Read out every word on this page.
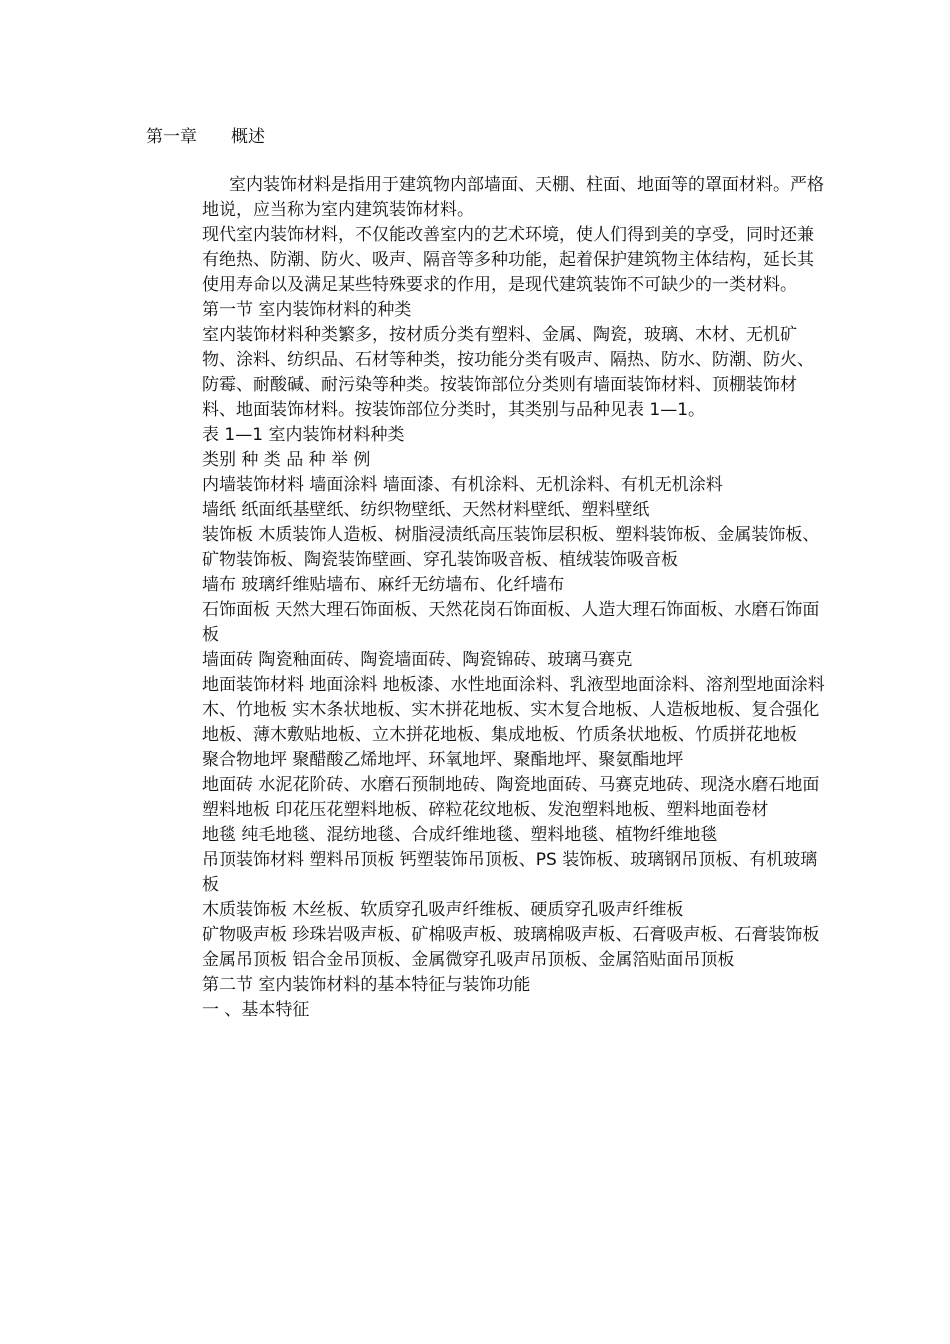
第一章　　概述

室内装饰材料是指用于建筑物内部墙面、天棚、柱面、地面等的罩面材料。严格地说，应当称为室内建筑装饰材料。

现代室内装饰材料，不仅能改善室内的艺术环境，使人们得到美的享受，同时还兼有绝热、防潮、防火、吸声、隔音等多种功能，起着保护建筑物主体结构，延长其使用寿命以及满足某些特殊要求的作用，是现代建筑装饰不可缺少的一类材料。

第一节 室内装饰材料的种类

室内装饰材料种类繁多，按材质分类有塑料、金属、陶瓷，玻璃、木材、无机矿物、涂料、纺织品、石材等种类，按功能分类有吸声、隔热、防水、防潮、防火、防霉、耐酸碱、耐污染等种类。按装饰部位分类则有墙面装饰材料、顶棚装饰材料、地面装饰材料。按装饰部位分类时，其类别与品种见表 1—1。

表 1—1 室内装饰材料种类

类别 种 类 品 种 举 例

内墙装饰材料 墙面涂料 墙面漆、有机涂料、无机涂料、有机无机涂料

墙纸 纸面纸基壁纸、纺织物壁纸、天然材料壁纸、塑料壁纸

装饰板 木质装饰人造板、树脂浸渍纸高压装饰层积板、塑料装饰板、金属装饰板、矿物装饰板、陶瓷装饰壁画、穿孔装饰吸音板、植绒装饰吸音板

墙布 玻璃纤维贴墙布、麻纤无纺墙布、化纤墙布

石饰面板 天然大理石饰面板、天然花岗石饰面板、人造大理石饰面板、水磨石饰面板

墙面砖 陶瓷釉面砖、陶瓷墙面砖、陶瓷锦砖、玻璃马赛克

地面装饰材料 地面涂料 地板漆、水性地面涂料、乳液型地面涂料、溶剂型地面涂料

木、竹地板 实木条状地板、实木拼花地板、实木复合地板、人造板地板、复合强化地板、薄木敷贴地板、立木拼花地板、集成地板、竹质条状地板、竹质拼花地板

聚合物地坪 聚醋酸乙烯地坪、环氧地坪、聚酯地坪、聚氨酯地坪

地面砖 水泥花阶砖、水磨石预制地砖、陶瓷地面砖、马赛克地砖、现浇水磨石地面

塑料地板 印花压花塑料地板、碎粒花纹地板、发泡塑料地板、塑料地面卷材

地毯 纯毛地毯、混纺地毯、合成纤维地毯、塑料地毯、植物纤维地毯

吊顶装饰材料 塑料吊顶板 钙塑装饰吊顶板、PS 装饰板、玻璃钢吊顶板、有机玻璃板

木质装饰板 木丝板、软质穿孔吸声纤维板、硬质穿孔吸声纤维板

矿物吸声板 珍珠岩吸声板、矿棉吸声板、玻璃棉吸声板、石膏吸声板、石膏装饰板

金属吊顶板 铝合金吊顶板、金属微穿孔吸声吊顶板、金属箔贴面吊顶板

第二节 室内装饰材料的基本特征与装饰功能

一 、基本特征
